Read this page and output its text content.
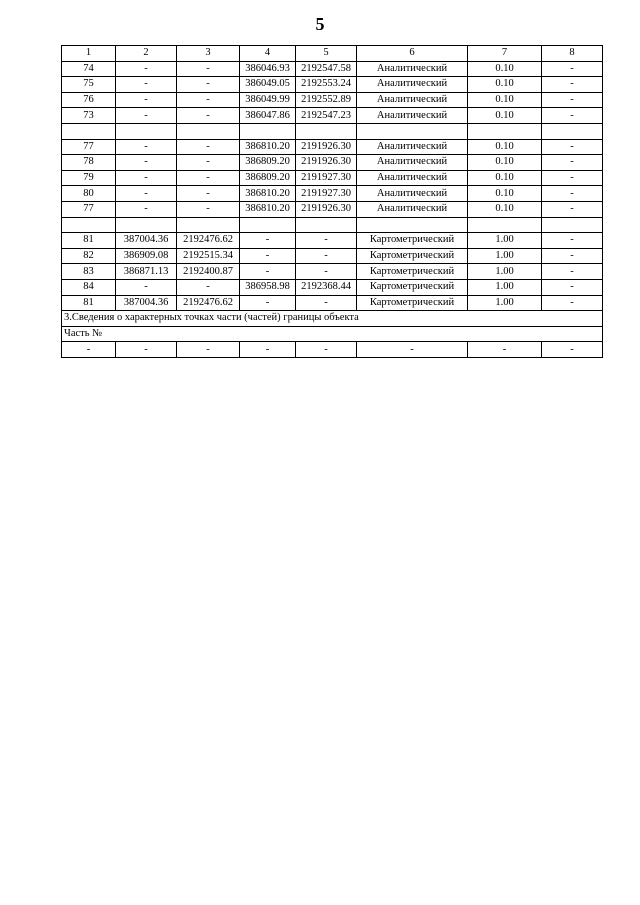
5
1	2	3	4	5	6	7	8
74	-	-	386046.93	2192547.58	Аналитический	0.10	-
75	-	-	386049.05	2192553.24	Аналитический	0.10	-
76	-	-	386049.99	2192552.89	Аналитический	0.10	-
73	-	-	386047.86	2192547.23	Аналитический	0.10	-

77	-	-	386810.20	2191926.30	Аналитический	0.10	-
78	-	-	386809.20	2191926.30	Аналитический	0.10	-
79	-	-	386809.20	2191927.30	Аналитический	0.10	-
80	-	-	386810.20	2191927.30	Аналитический	0.10	-
77	-	-	386810.20	2191926.30	Аналитический	0.10	-

81	387004.36	2192476.62	-	-	Картометрический	1.00	-
82	386909.08	2192515.34	-	-	Картометрический	1.00	-
83	386871.13	2192400.87	-	-	Картометрический	1.00	-
84	-	-	386958.98	2192368.44	Картометрический	1.00	-
81	387004.36	2192476.62	-	-	Картометрический	1.00	-
3.Сведения о характерных точках части (частей) границы объекта							
Часть №							
-	-	-	-	-	-	-	-
